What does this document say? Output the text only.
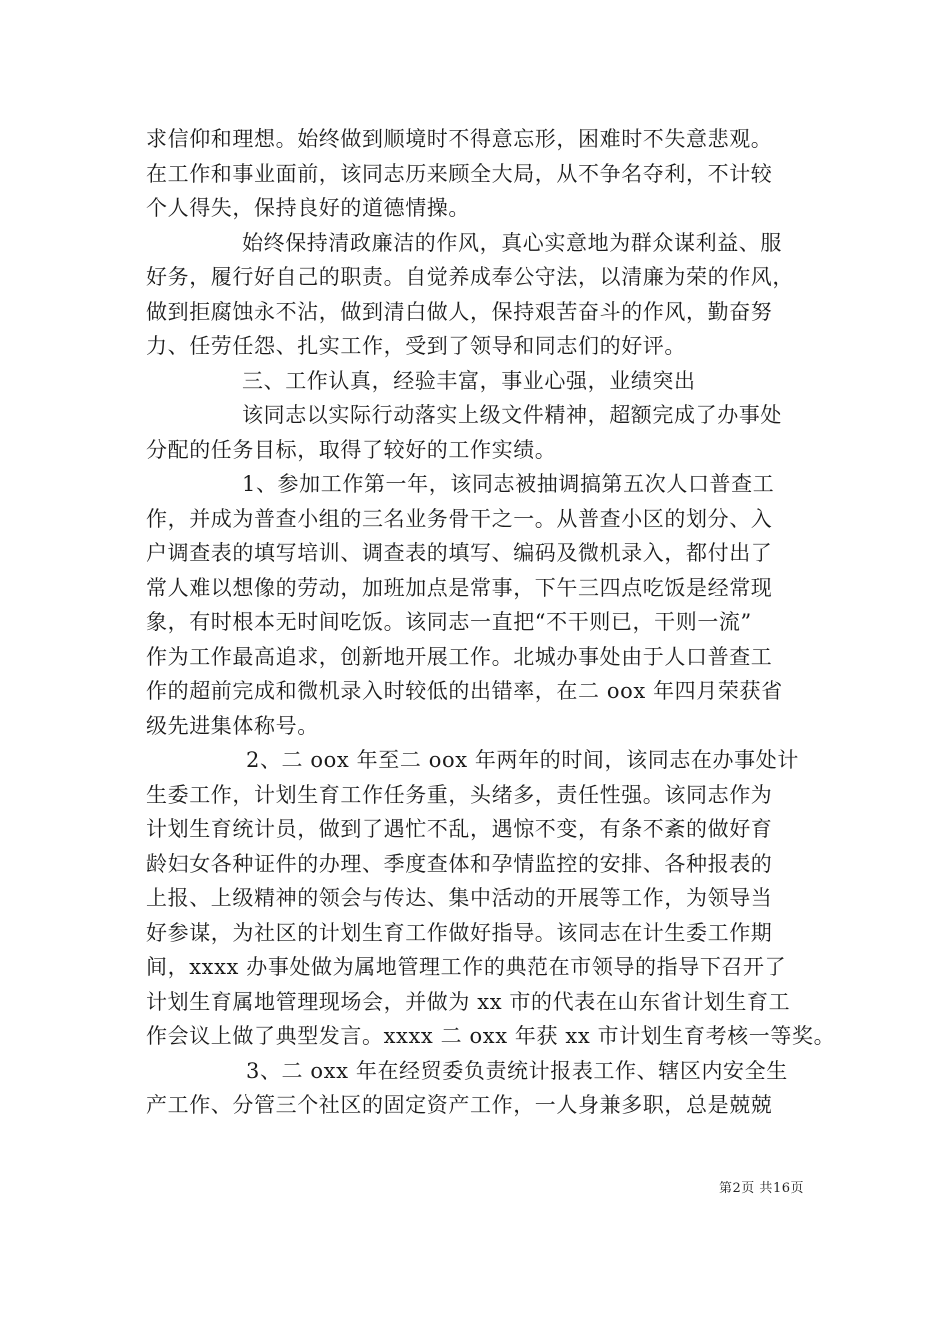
求信仰和理想。始终做到顺境时不得意忘形，困难时不失意悲观。
在工作和事业面前，该同志历来顾全大局，从不争名夺利，不计较
个人得失，保持良好的道德情操。
始终保持清政廉洁的作风，真心实意地为群众谋利益、服
好务，履行好自己的职责。自觉养成奉公守法，以清廉为荣的作风，
做到拒腐蚀永不沾，做到清白做人，保持艰苦奋斗的作风，勤奋努
力、任劳任怨、扎实工作，受到了领导和同志们的好评。
三、工作认真，经验丰富，事业心强，业绩突出
该同志以实际行动落实上级文件精神，超额完成了办事处
分配的任务目标，取得了较好的工作实绩。
1、参加工作第一年，该同志被抽调搞第五次人口普查工
作，并成为普查小组的三名业务骨干之一。从普查小区的划分、入
户调查表的填写培训、调查表的填写、编码及微机录入，都付出了
常人难以想像的劳动，加班加点是常事，下午三四点吃饭是经常现
象，有时根本无时间吃饭。该同志一直把“不干则已，干则一流”
作为工作最高追求，创新地开展工作。北城办事处由于人口普查工
作的超前完成和微机录入时较低的出错率，在二 oox 年四月荣获省
级先进集体称号。
2、二 oox 年至二 oox 年两年的时间，该同志在办事处计
生委工作，计划生育工作任务重，头绪多，责任性强。该同志作为
计划生育统计员，做到了遇忙不乱，遇惊不变，有条不紊的做好育
龄妇女各种证件的办理、季度查体和孕情监控的安排、各种报表的
上报、上级精神的领会与传达、集中活动的开展等工作，为领导当
好参谋，为社区的计划生育工作做好指导。该同志在计生委工作期
间，xxxx 办事处做为属地管理工作的典范在市领导的指导下召开了
计划生育属地管理现场会，并做为 xx 市的代表在山东省计划生育工
作会议上做了典型发言。xxxx 二 oxx 年获 xx 市计划生育考核一等奖。
3、二 oxx 年在经贸委负责统计报表工作、辖区内安全生
产工作、分管三个社区的固定资产工作，一人身兼多职，总是兢兢
第2页 共16页
